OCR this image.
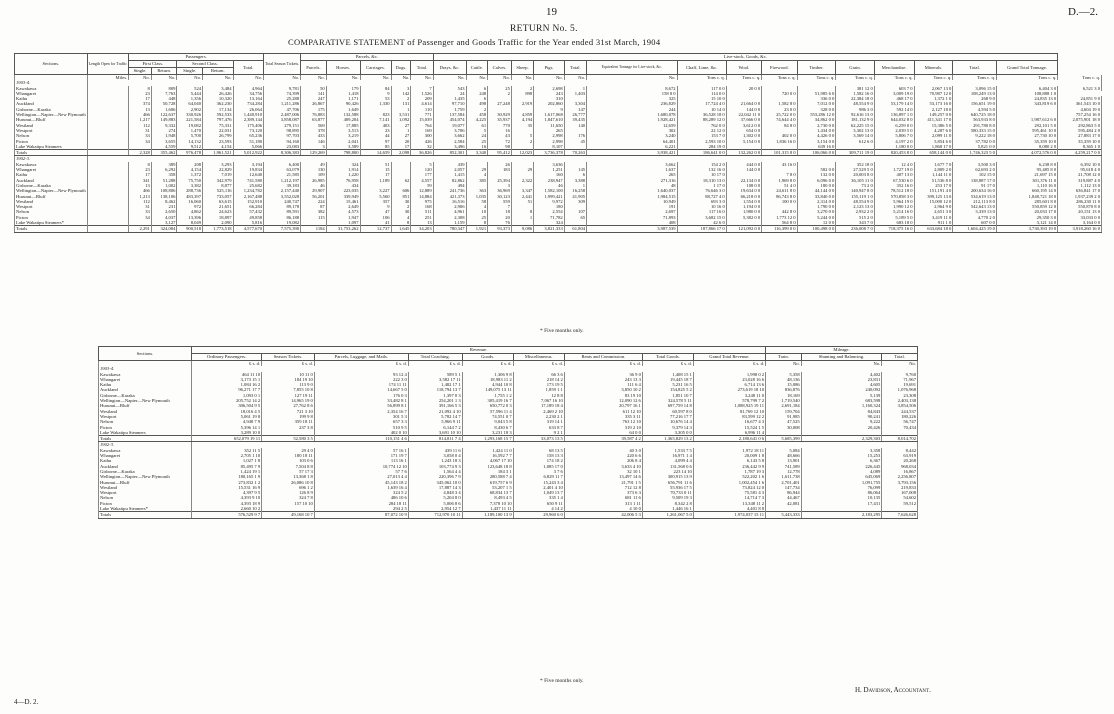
19	D.—2.
RETURN No. 5.
COMPARATIVE STATEMENT of Passenger and Goods Traffic for the Year ended 31st March, 1904
Sections.	Length Open for Traffic	Passengers.					Total Season Tickets.	Parcels, &c.					Live-stock, Goods, &c.																
		First Class.		Second Class.		Total.		Parcels.	Horses.	Carriages.	Dogs.	Total.	Drays, &c.	Cattle.	Calves.	Sheep.	Pigs.	Total.	Equivalent Tonnage for Live-stock, &c.	Chaff, Lime, &c.	Wool.	Firewood.	Timber.	Grain.	Merchandise.	Minerals.	Total.	Grand Total Tonnage.	
		Single.	Return.	Single.	Return.																								
	Miles.	No.	No.	No.	No.	No.	No.	No.	No.	No.	No.	No.	No.	No.	No.	No.	No.	No.	No.	Tons c. q.	Tons c. q.	Tons c. q.	Tons c. q.	Tons c. q.	Tons c. q.	Tons c. q.	Tons c. q.	Tons c. q.	Tons c. q.
1903-4.																													
Kawakawa		8	809	524	3,484	4,964	9,781	50	179	84	3	7	543	6	25	2	2,698	1	8,672	117 0 0	20 0 0			381 12 0	603 7 0	2,067 13 0	3,096 15 0	6,404 3 0	6,521 3 0
Whangarei		23	7,763	5,444	26,426	34,756	74,399	141	1,418	9	142	1,526	24	248	2	898	243	1,403	158 8 0	114 0 0		720 0 0	51,985 6 0	1,582 16 0	3,009 19 0	70,987 12 0	108,249 13 0	108,888 1 0	
Kaihu		17	448	1,356	10,320	13,164	25,288	247	1,171	53	2	209	1,435	6			310		325	15 10 0			336 0 0	22,384 18 0	468 17 0	1,372 1 0	268 9 0	24,835 13 0	24,851 9 0
Auckland		374	50,728	64,040	362,230	734,284	1,211,286	26,867	90,426	1,330	131	4,614	97,710	498	27,248	2,919	202,860	3,304	236,829	17,724 4 0	21,664 0 0	1,582 8 0	7,012 0 0	48,554 9 0	53,179 14 0	53,173 16 0	156,651 19 0	343,819 6 0	361,543 10 0
Gisborne—Karaka		13	1,606	2,902	17,134	26,064	47,706	175	1,649		1	110	1,759	2			9	147	244	10 14 0	144 0 0	23 0 0	328 0 0	986 3 0	592 14 0	2,127 18 0	4,594 5 0		4,604 19 0
Wellington—Napier—New Plymouth		466	122,637	330,926	592,533	1,440,910	2,487,006	76,883	132,588	823	3,531	771	137,584	458	30,929	4,859	1,617,068	26,777	1,680,078	36,528 18 0	22,042 11 0	25,722 0 0	553,286 12 0	92,616 13 0	136,897 1 0	149,257 0 0	640,725 18 0		757,254 16 0
Hurunui—Bluff		1,217	149,883	221,584	797,476	2,389,144	3,858,087	63,877	409,204	7,141	1,092	15,039	454,074	4,225	35,937	4,194	1,847,610	39,435	1,928,421	88,289 12 0	37,666 0 0	74,644 4 0	34,862 0 0	181,132 9 0	644,032 8 0	411,341 17 0	563,933 8 0	1,987,612 6 0	2,075,901 18 0
Westland		112	9,332	19,082	75,331	175,406	279,151	569	17,885	403	27	764	19,077	61	770	35	11,650	140	12,659	762 0 0	3,612 0 0	84 8 0	2,730 0 0	62,225 15 0	6,259 0 0	15,386 5 0	291,780 8 0	292,101 5 0	292,863 5 0
Westport		31	274	1,470	22,031	73,120	98,895	378	3,513	23	1	169	3,706	5	16		265		302	22 12 0	654 0 0		1,434 0 0	3,302 13 0	2,039 5 0	4,287 6 0	580,333 15 0	595,461 10 0	595,484 2 0
Nelson		33	1,948	5,700	26,799	65,236	97,703	433	3,219	44	27	300	3,662	24	43	5	2,998	176	3,240	153 7 0	1,302 0 0	402 0 0	4,426 0 0	3,569 14 0	5,806 7 0	2,099 11 0	9,222 18 0	27,730 10 0	27,883 17 0
Picton		34	3,655	14,132	23,593	51,180	94,160	146	2,041	97	20	426	2,584	25	72	2	2,998	45	64,401	2,593 10 0	5,154 0 0	1,836 16 0	3,154 0 0	612 6 0	4,197 2 0	5,854 6 0	37,782 0 0	35,359 10 0	35,359 10 0
Lake Wakatipu Steamers			4,559	9,512	4,154	5,066	23,083	3	3,589	85	17	32	3,496	16	98		8,107		6,221	284 19 0			639 16 0		1,180 0 0	1,868 17 0	5,821 0 0	8,080 2 0	8,365 1 0
Totals		2,328	355,462	976,478	1,961,521	5,012,922	8,306,383	129,269	798,800	14,659	2,098	36,826	852,301	3,340	95,412	12,023	3,736,378	70,263	3,938,421	186,641 0 0	132,262 0 0	101,315 8 0	106,066 0 0	309,711 19 0	820,453 8 0	658,144 0 0	1,746,323 5 0	4,072,576 0 0	4,259,217 0 0
1902-3.																													
Kawakawa		8	389	208	3,293	3,194	6,400	49	324	51		5	439		26		3,636		3,662	154 2 0	444 0 0	43 16 0		352 18 0	12 4 0	1,677 7 0	3,500 3 0	6,238 8 0	6,392 10 0
Whangarei		23	6,292	4,154	22,829	19,834	63,079	130	1,914	15		120	2,057	29	183	29	1,251	145	1,637	132 16 0	144 0 0		582 0 0	27,529 5 0	1,727 19 0	2,809 2 0	62,693 2 0	95,485 8 0	95,618 4 0
Kaihu		17	358	1,372	7,019	12,640	21,585	109	1,220	17		177	1,415	4			160	6	265	10 17 0		7 8 0	132 0 0	20,003 8 0	407 13 0	1,144 11 0	102 15 0	21,697 15 0	21,708 12 0
Auckland		341	51,288	75,750	342,979	741,580	1,212,197	26,985	76,958	1,189	62	4,557	82,862	385	25,394	2,322	238,947	3,388	271,316	18,310 13 0	22,134 0 0	1,969 8 0	6,096 0 0	36,105 11 0	67,530 6 0	51,536 8 0	138,887 17 0	301,376 11 0	319,887 4 0
Gisborne—Karaka		13	1,002	3,382	8,877	25,682	39,183	46	434			59	494		3		46	1	48	1 17 0	108 0 0	51 4 0	180 0 0	73 2 0	352 16 0	253 17 0	91 17 0	1,110 16 0	1,112 13 0
Wellington—Napier—New Plymouth		466	108,806	288,736	525,116	1,234,782	2,157,440	29,907	223,035	3,227	606	12,889	241,736	363	36,969	3,347	1,582,100	16,258	1,640,037	76,646 3 0	19,634 0 0	24,611 8 0	44,144 0 0	140,947 8 0	78,512 18 0	151,191 4 0	200,634 16 0	660,195 14 0	636,841 17 0
Hurunui—Bluff		1,213	138,106	483,397	733,057	2,167,488	3,552,028	56,201	339,949	5,560	851	14,884	421,373	1,035	30,123	2,441	1,999,421	41,905	1,984,515	88,727 4 0	66,218 0 0	86,743 8 0	33,840 0 0	155,119 1 0	570,858 3 0	399,125 13 0	534,619 13 0	1,848,721 18 0	1,937,239 2 0
Westland		112	8,462	16,060	63,615	152,910	240,747	224	15,461	357	30	975	16,516	58	559	51	9,972	309	10,949	693 3 0	1,554 0 0	100 0 0	2,314 0 0	48,554 9 0	5,964 19 0	15,000 12 0	212,113 8 0	285,601 8 0	286,230 11 0
Westport		31	231	972	21,651	66,284	89,178	87	2,649	9	2	168	2,906	4	7		180		191	10 16 0	1,194 0 0		1,790 0 0	2,123 13 0	1,990 12 0	2,964 9 0	542,643 13 0	550,859 12 0	550,870 8 0
Nelson		33	2,650	4,862	24,623	57,432	89,591	382	4,573	47	30	511	4,961	10	18	8	2,554	107	2,697	117 16 0	1,980 0 0	442 8 0	3,270 0 0	2,932 2 0	5,214 16 0	2,651 3 0	3,339 13 0	20,033 17 0	20,151 13 0
Picton		34	4,037	13,396	18,897	49,858	86,188	115	1,947	106	4	251	2,308	25	20	1	71,782	65	71,893	3,682 15 0	5,382 0 0	1,773 12 0	5,244 0 0	515 2 0	5,189 5 0	3,419 11 0	4,770 2 0	29,350 3 0	33,033 0 0
Lake Wakatipu Steamers*			3,127	8,049	2,090	5,816	19,082		1,097	41	8	13	1,159	8	76		324		408	42 6 0		564 8 0	12 0 0	343 7 0	683 18 0	911 1 0	607 0 0	3,121 14 0	3,164 0 0
Totals		2,291	324,084	900,518	1,773,518	4,577,670	7,575,390	1184	31,753,262	12,737	1,645	34,203	780,347	1,921	93,373	9,086	3,821,333	61,804	3,987,539	187,866 17 0	121,092 0 0	116,399 0 0	100,498 0 0	236,008 7 0	718,375 16 0	633,684 18 0	1,604,425 19 0	3,730,393 19 0	3,918,260 16 0
* Five months only.
Sections.	Revenue.									Mileage.		
	Ordinary Passengers.	Season Tickets.	Parcels, Luggage, and Mails.	Total Coaching.	Goods.	Miscellaneous.	Rents and Commission.	Total Goods.	Grand Total Revenue.	Train.	Shunting and Balancing.	Total.
	£ s. d.	£ s. d.	£ s. d.	£ s. d.	£ s. d.	£ s. d.	£ s. d.	£ s. d.	£ s. d.	No.	No.	No.
1903-4.												
Kawakawa	464 11 10	10 11 0	93 12 4	589 5 1	1,306 9 8	66 3 6	36 9 0	1,408 15 1	1,998 0 2	5,358	4,402	9,760
Whangarei	3,173 15 1	184 19 10	222 3 0	3,582 17 11	18,983 11 2	218 14 2	243 13 3	19,445 18 7	23,028 16 6	48,136	23,831	71,967
Kaihu	1,084 16 2	113 9 0	174 11 11	1,482 17 1	4,944 10 8	173 19 5	111 6 4	5,231 16 5	6,714 13 6	15,086	4,605	19,691
Auckland	96,271 17 7	7,855 10 8	14,667 5 0	118,794 13 7	149,075 13 11	1,859 1 1	3,850 10 2	154,825 5 2	273,619 18 10	836,876	240,092	1,076,968
Gisborne—Karaka	1,093 0 1	127 19 11	176 0 3	1,397 0 3	1,755 1 2	12 8 8	83 19 10	1,851 10 7	3,248 11 0	18,169	5,139	23,308
Wellington—Napier—New Plymouth	205,752 14 2	14,965 19 0	33,482 8 1	254,201 1 3	305,419 16 7	7,067 16 10	12,090 12 6	324,578 5 11	578,799 7 2	1,719,540	683,598	2,403,138
Hurunui—Bluff	306,504 9 5	27,762 8 6	56,899 8 1	391,166 5 3	650,772 0 3	17,189 18 4	20,797 16 1	697,759 14 8	1,088,925 19 11	2,691,184	1,160,324	3,854,506
Westland	18,016 4 5	721 3 10	2,354 16 7	21,092 4 10	57,596 11 4	2,469 2 10	611 12 10	60,597 8 0	81,769 12 10	159,704	84,843	244,537
Westport	5,061 19 8	199 9 8	301 5 3	5,782 14 7	74,551 0 7	2,230 2 1	335 3 11	77,216 17 7	83,599 12 2	91,985	90,241	180,226
Nelson	4,948 7 9	359 18 11	657 3 3	5,966 9 11	9,043 5 8	319 14 1	763 12 10	10,676 14 4	16,677 4 3	47,525	9,222	56,747
Picton	5,396 14 1	237 3 8	510 9 5	6,144 7 2	8,430 6 7	633 8 7	319 2 10	9,379 14 3	15,524 1 5	30,008	20,426	70,434
Lake Wakatipu Steamers	3,289 10 0		402 0 10	3,691 10 10	3,231 18 3	9 2 1	64 0 0	3,305 0 0	6,996 11 4			
Totals	652,079 19 11	52,580 3 5	110,151 4 6	814,811 7 4	1,293,168 15 7	33,073 13 5	39,587 4 2	1,365,829 13 2	2,180,641 0 6	5,685,399	2,329,303	8,014,702
1902-3.												
Kawakawa	352 11 5	29 4 0	57 16 1	439 11 6	1,424 11 0	68 13 5	40 3 0	1,533 7 5	1,972 18 11	5,084	3,358	8,442
Whangarei	2,705 1 10	180 18 11	171 19 7	3,058 0 4	16,592 7 7	158 13 3	220 6 6	16,971 1 4	20,009 1 8	48,666	15,253	63,919
Kaihu	1,027 1 8	103 0 6	113 16 1	1,243 18 3	4,067 17 10	174 18 2	206 8 4	4,099 4 4	6,143 5 8	13,901	6,367	20,268
Auckland	85,495 7 9	7,504 8 8	10,774 12 10	103,774 9 3	123,648 18 8	1,085 17 0	3,633 4 10	131,568 0 6	236,442 9 9	741,589	226,445	968,034
Gisborne—Karaka	1,424 19 1	57 17 3	57 7 6	1,564 4 4	184 3 1	3 7 6	32 10 1	223 14 10	1,787 19 3	12,778	4,089	16,867
Wellington—Napier—New Plymouth	180,165 1 9	13,368 1 8	27,013 4 4	220,396 7 9	280,588 7 4	6,829 11 7	13,497 14 6	300,915 13 9	522,202 1 6	1,611,738	645,069	2,256,807
Hurunui—Bluff	273,832 1 2	26,086 10 8	45,143 18 2	345,062 10 0	619,757 6 9	15,243 3 4	21,791 1 5	656,791 11 6	1,002,454 1 6	2,701,401	1,091,755	3,793,156
Westland	15,531 16 9	696 1 2	1,639 16 4	17,887 14 3	53,207 1 5	2,401 4 10	712 12 8	55,936 17 5	73,824 12 0	147,734	76,099	219,833
Westport	4,397 9 5	126 8 9	324 5 2	4,848 3 4	68,834 13 7	1,049 13 7	373 6 3	70,733 0 11	75,581 4 3	86,944	86,064	167,008
Nelson	4,393 9 10	324 7 8	486 10 6	5,204 8 0	8,493 4 5	335 1 4	681 11 6	9,509 19 3	14,714 7 3	44,467	10,135	54,602
Picton	4,393 18 9	157 10 10	284 18 11	5,006 8 6	7,378 10 10	650 9 11	313 1 11	8,342 2 8	13,348 11 2	42,081	17,431	59,512
Lake Wakatipu Steamers*	2,660 10 2		294 2 5	2,954 12 7	1,437 11 11	4 14 2	4 10 0	1,446 16 1	4,401 8 8			
Totals	576,529 9 7	49,168 10 7	87,072 10 9	712,970 10 11	1,189,100 13 9	29,960 6 0	42,006 5 3	1,261,067 5 0	1,974,037 15 11	5,443,333	2,183,295	7,626,628
* Five months only.
H. Davidson, Accountant.
4—D. 2.
